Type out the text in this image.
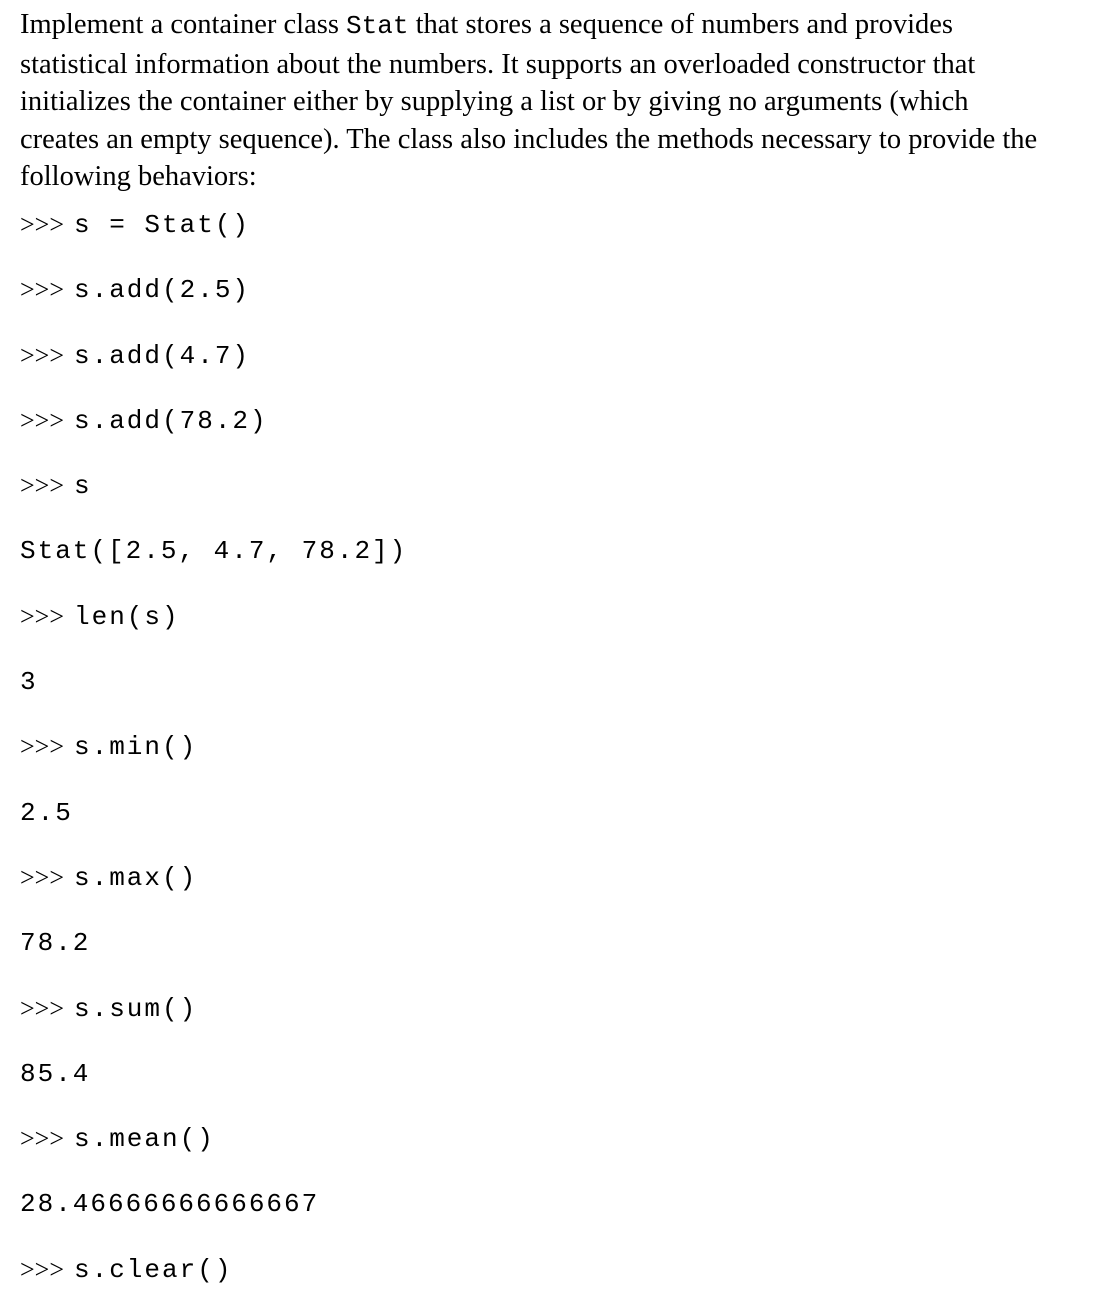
Implement a container class Stat that stores a sequence of numbers and provides
statistical information about the numbers. It supports an overloaded constructor that
initializes the container either by supplying a list or by giving no arguments (which
creates an empty sequence). The class also includes the methods necessary to provide the
following behaviors:

>>> s = Stat()
>>> s.add(2.5)
>>> s.add(4.7)
>>> s.add(78.2)
>>> s
Stat([2.5, 4.7, 78.2])
>>> len(s)
3
>>> s.min()
2.5
>>> s.max()
78.2
>>> s.sum()
85.4
>>> s.mean()
28.46666666666667
>>> s.clear()
